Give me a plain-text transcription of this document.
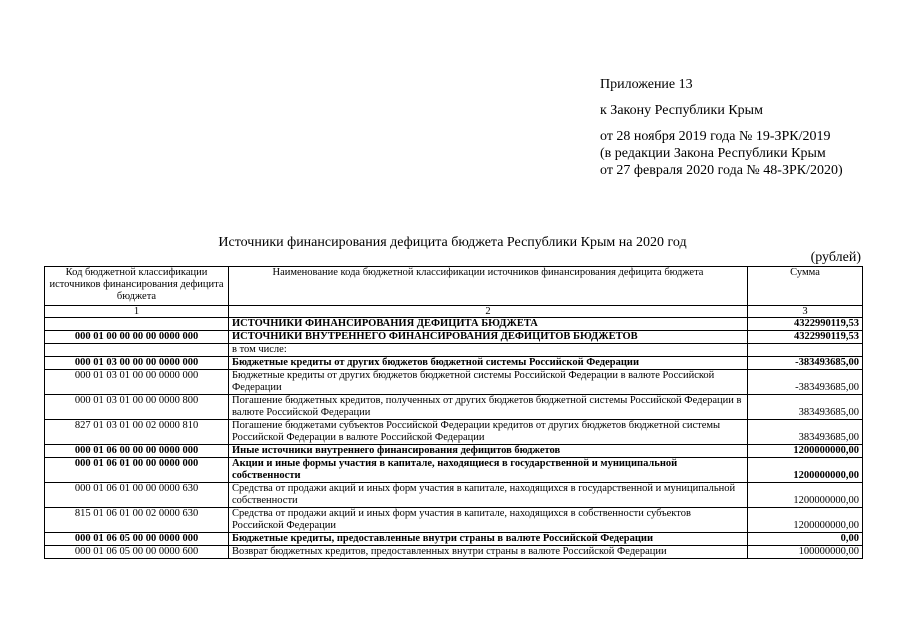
Приложение 13
к Закону Республики Крым
от 28 ноября 2019 года № 19-ЗРК/2019
(в редакции Закона Республики Крым
от 27 февраля 2020 года № 48-ЗРК/2020)
Источники финансирования дефицита бюджета Республики Крым на 2020 год
(рублей)
Код бюджетной классификации источников финансирования дефицита бюджета	Наименование кода бюджетной классификации источников финансирования дефицита бюджета	Сумма
1	2	3
	ИСТОЧНИКИ ФИНАНСИРОВАНИЯ ДЕФИЦИТА БЮДЖЕТА	4322990119,53
000 01 00 00 00 00 0000 000	ИСТОЧНИКИ ВНУТРЕННЕГО ФИНАНСИРОВАНИЯ ДЕФИЦИТОВ БЮДЖЕТОВ	4322990119,53
	в том числе:	
000 01 03 00 00 00 0000 000	Бюджетные кредиты от других бюджетов бюджетной системы Российской Федерации	-383493685,00
000 01 03 01 00 00 0000 000	Бюджетные кредиты от других бюджетов бюджетной системы Российской Федерации в валюте Российской Федерации	-383493685,00
000 01 03 01 00 00 0000 800	Погашение бюджетных кредитов, полученных от других бюджетов бюджетной системы Российской Федерации в валюте Российской Федерации	383493685,00
827 01 03 01 00 02 0000 810	Погашение бюджетами субъектов Российской Федерации кредитов от других бюджетов бюджетной системы Российской Федерации в валюте Российской Федерации	383493685,00
000 01 06 00 00 00 0000 000	Иные источники внутреннего финансирования дефицитов бюджетов	1200000000,00
000 01 06 01 00 00 0000 000	Акции и иные формы участия в капитале, находящиеся в государственной и муниципальной собственности	1200000000,00
000 01 06 01 00 00 0000 630	Средства от продажи акций и иных форм участия в капитале, находящихся в государственной и муниципальной собственности	1200000000,00
815 01 06 01 00 02 0000 630	Средства от продажи акций и иных форм участия в капитале, находящихся в собственности субъектов Российской Федерации	1200000000,00
000 01 06 05 00 00 0000 000	Бюджетные кредиты, предоставленные внутри страны в валюте Российской Федерации	0,00
000 01 06 05 00 00 0000 600	Возврат бюджетных кредитов, предоставленных внутри страны в валюте Российской Федерации	100000000,00
